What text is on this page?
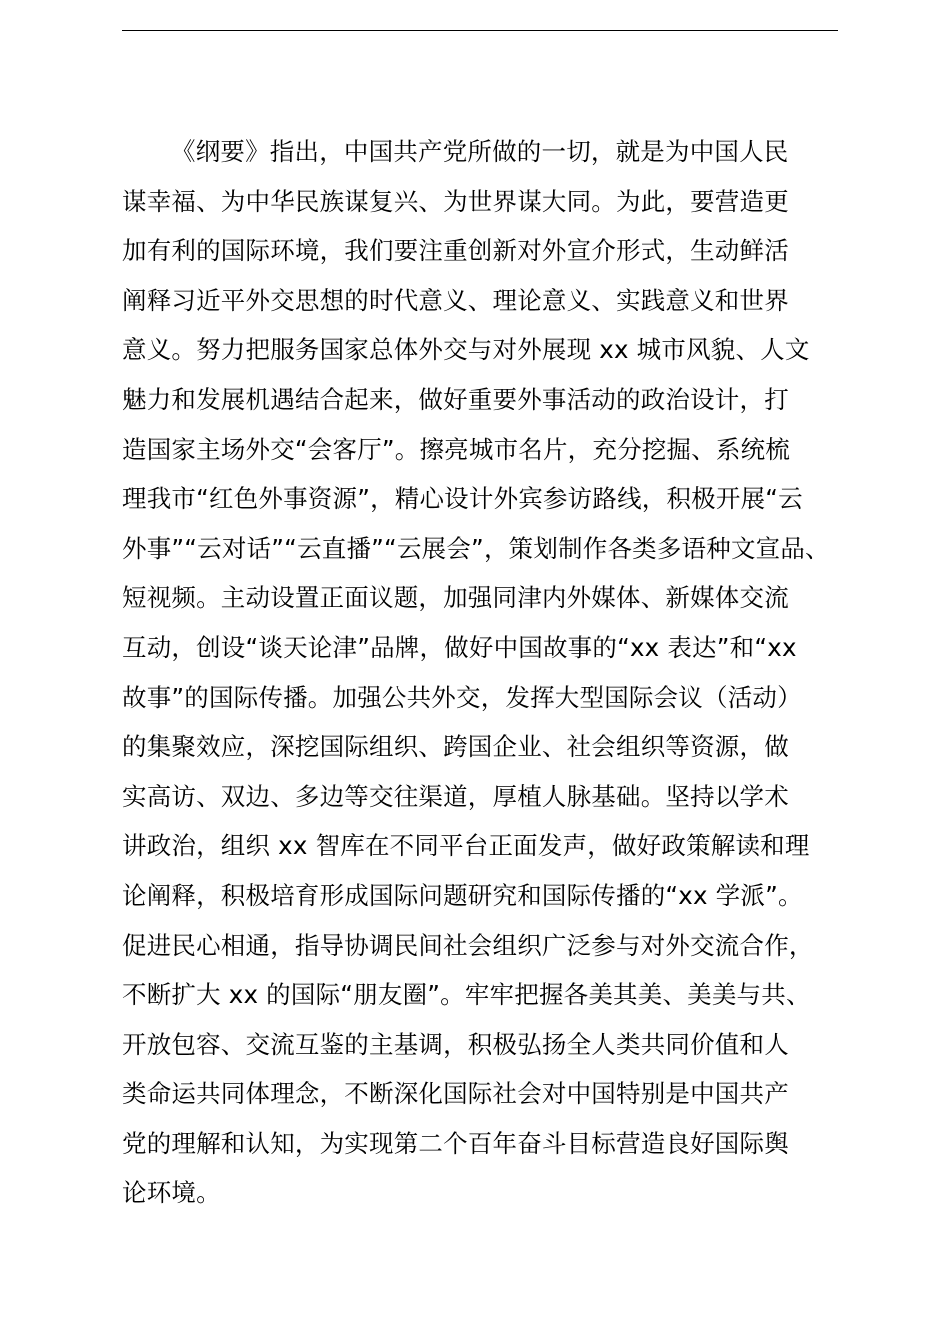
《纲要》指出，中国共产党所做的一切，就是为中国人民
谋幸福、为中华民族谋复兴、为世界谋大同。为此，要营造更
加有利的国际环境，我们要注重创新对外宣介形式，生动鲜活
阐释习近平外交思想的时代意义、理论意义、实践意义和世界
意义。努力把服务国家总体外交与对外展现 xx 城市风貌、人文
魅力和发展机遇结合起来，做好重要外事活动的政治设计，打
造国家主场外交“会客厅”。擦亮城市名片，充分挖掘、系统梳
理我市“红色外事资源”，精心设计外宾参访路线，积极开展“云
外事”“云对话”“云直播”“云展会”，策划制作各类多语种文宣品、
短视频。主动设置正面议题，加强同津内外媒体、新媒体交流
互动，创设“谈天论津”品牌，做好中国故事的“xx 表达”和“xx
故事”的国际传播。加强公共外交，发挥大型国际会议（活动）
的集聚效应，深挖国际组织、跨国企业、社会组织等资源，做
实高访、双边、多边等交往渠道，厚植人脉基础。坚持以学术
讲政治，组织 xx 智库在不同平台正面发声，做好政策解读和理
论阐释，积极培育形成国际问题研究和国际传播的“xx 学派”。
促进民心相通，指导协调民间社会组织广泛参与对外交流合作，
不断扩大 xx 的国际“朋友圈”。牢牢把握各美其美、美美与共、
开放包容、交流互鉴的主基调，积极弘扬全人类共同价值和人
类命运共同体理念，不断深化国际社会对中国特别是中国共产
党的理解和认知，为实现第二个百年奋斗目标营造良好国际舆
论环境。
